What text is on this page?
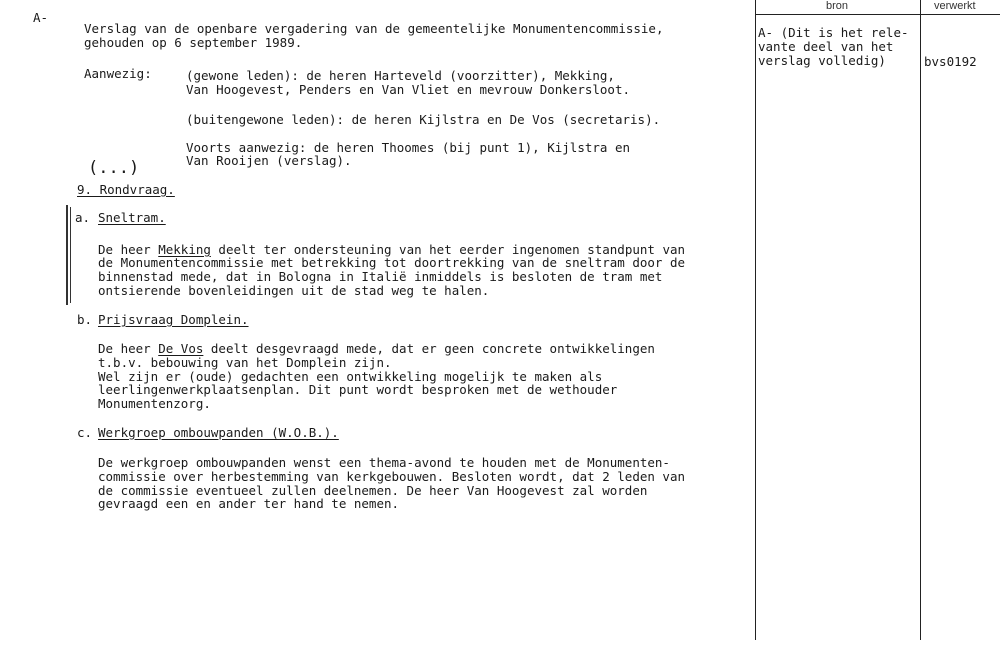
A-
Verslag van de openbare vergadering van de gemeentelijke Monumentencommissie,
gehouden op 6 september 1989.
Aanwezig:	(gewone leden): de heren Harteveld (voorzitter), Mekking,
Van Hoogevest, Penders en Van Vliet en mevrouw Donkersloot.
(buitengewone leden): de heren Kijlstra en De Vos (secretaris).
Voorts aanwezig: de heren Thoomes (bij punt 1), Kijlstra en
Van Rooijen (verslag).
(...)
9. Rondvraag.
a. Sneltram.
De heer Mekking deelt ter ondersteuning van het eerder ingenomen standpunt van
de Monumentencommissie met betrekking tot doortrekking van de sneltram door de
binnenstad mede, dat in Bologna in Italië inmiddels is besloten de tram met
ontsierende bovenleidingen uit de stad weg te halen.
b. Prijsvraag Domplein.
De heer De Vos deelt desgevraagd mede, dat er geen concrete ontwikkelingen
t.b.v. bebouwing van het Domplein zijn.
Wel zijn er (oude) gedachten een ontwikkeling mogelijk te maken als
leerlingenwerkplaatsenplan. Dit punt wordt besproken met de wethouder
Monumentenzorg.
c. Werkgroep ombouwpanden (W.O.B.).
De werkgroep ombouwpanden wenst een thema-avond te houden met de Monumenten-
commissie over herbestemming van kerkgebouwen. Besloten wordt, dat 2 leden van
de commissie eventueel zullen deelnemen. De heer Van Hoogevest zal worden
gevraagd een en ander ter hand te nemen.
bron	verwerkt
A- (Dit is het rele-
vante deel van het
verslag volledig)	bvs0192
